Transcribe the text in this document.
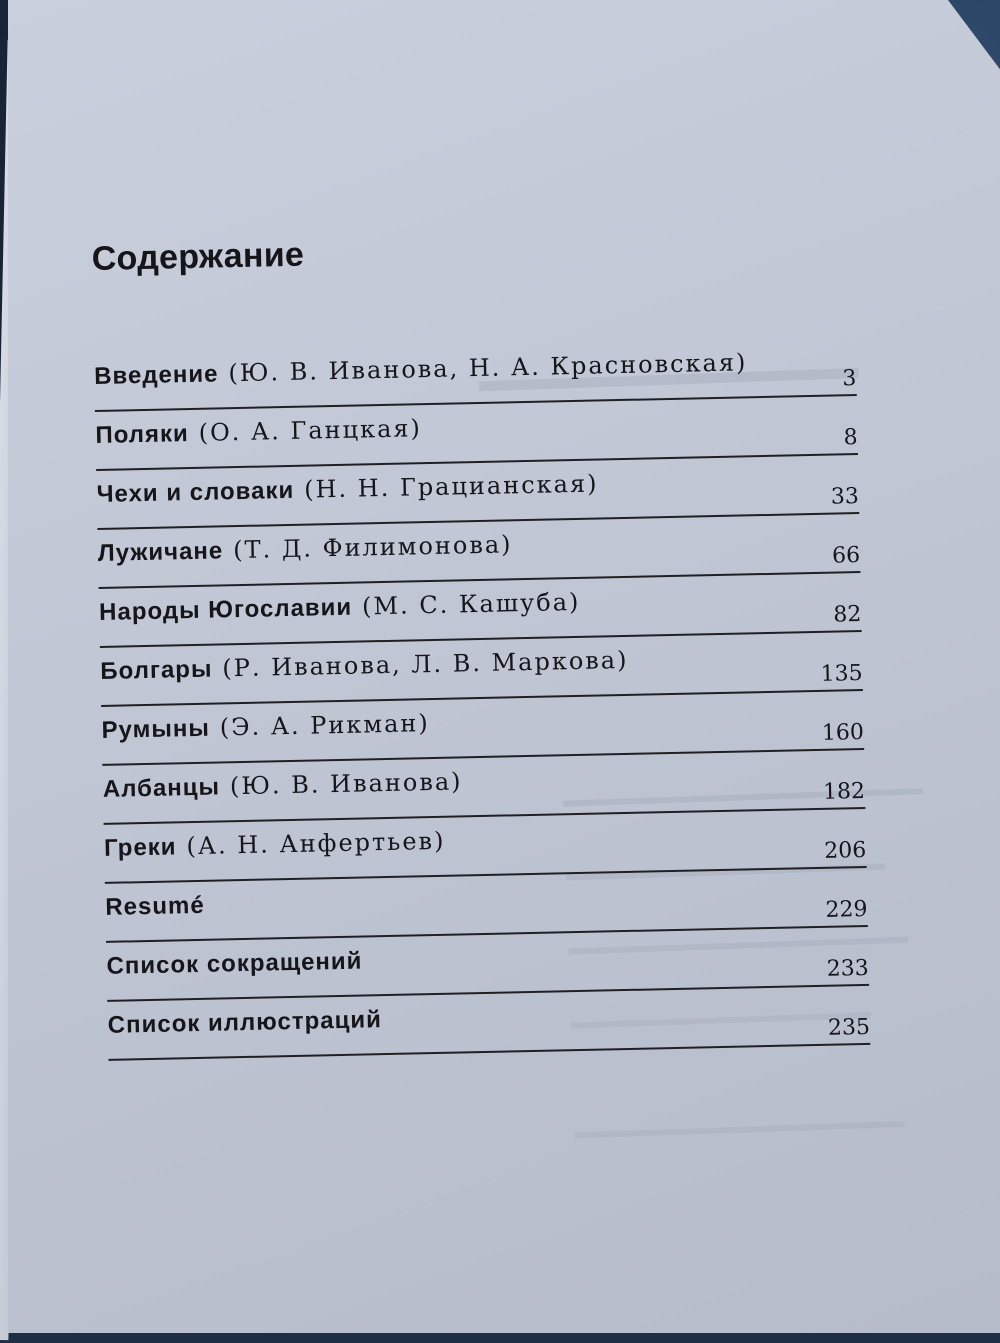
Содержание
Введение (Ю. В. Иванова, Н. А. Красновская)	3
Поляки (О. А. Ганцкая)	8
Чехи и словаки (Н. Н. Грацианская)	33
Лужичане (Т. Д. Филимонова)	66
Народы Югославии (М. С. Кашуба)	82
Болгары (Р. Иванова, Л. В. Маркова)	135
Румыны (Э. А. Рикман)	160
Албанцы (Ю. В. Иванова)	182
Греки (А. Н. Анфертьев)	206
Resumé	229
Список сокращений	233
Список иллюстраций	235
